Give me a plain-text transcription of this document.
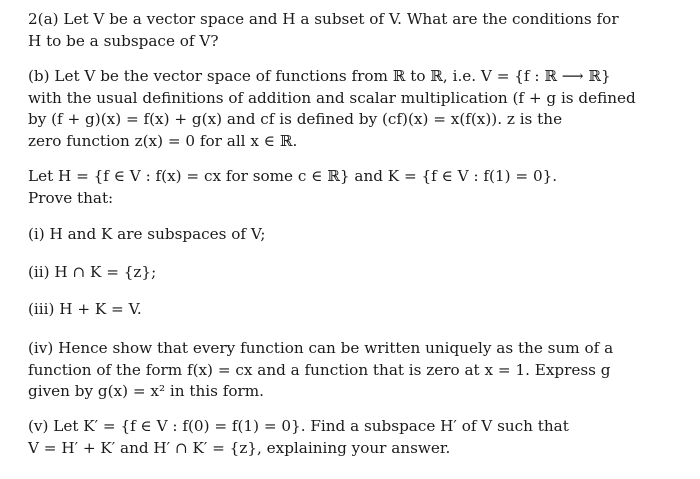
2(a) Let V be a vector space and H a subset of V. What are the conditions for

H to be a subspace of V?

(b) Let V be the vector space of functions from ℝ to ℝ, i.e. V = {f : ℝ ⟶ ℝ}

with the usual definitions of addition and scalar multiplication (f + g is defined

by (f + g)(x) = f(x) + g(x) and cf is defined by (cf)(x) = x(f(x)). z is the

zero function z(x) = 0 for all x ∈ ℝ.

Let H = {f ∈ V : f(x) = cx for some c ∈ ℝ} and K = {f ∈ V : f(1) = 0}.

Prove that:

(i) H and K are subspaces of V;

(ii) H ∩ K = {z};

(iii) H + K = V.

(iv) Hence show that every function can be written uniquely as the sum of a

function of the form f(x) = cx and a function that is zero at x = 1. Express g

given by g(x) = x² in this form.

(v) Let K′ = {f ∈ V : f(0) = f(1) = 0}. Find a subspace H′ of V such that

V = H′ + K′ and H′ ∩ K′ = {z}, explaining your answer.
